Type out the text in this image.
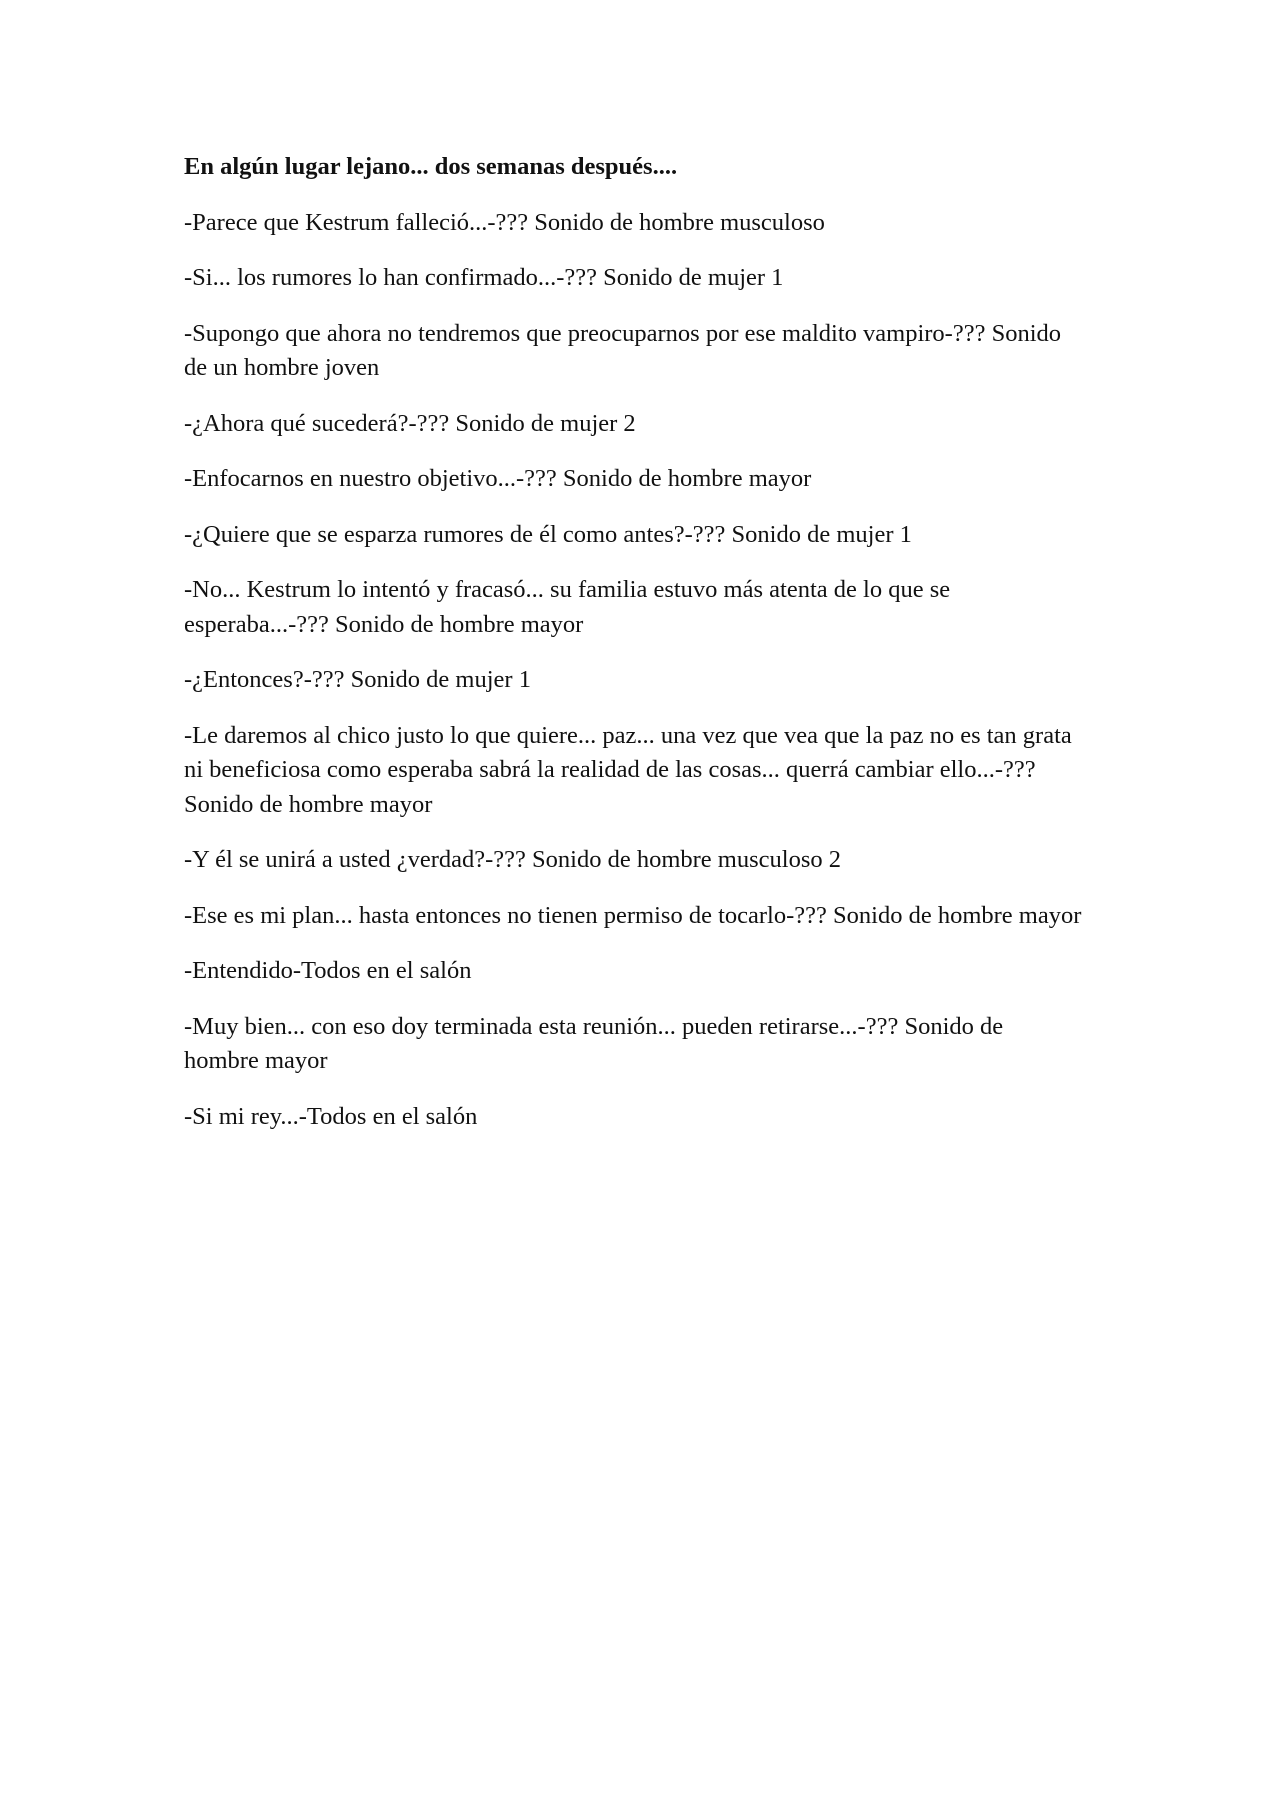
En algún lugar lejano... dos semanas después....

-Parece que Kestrum falleció...-??? Sonido de hombre musculoso

-Si... los rumores lo han confirmado...-??? Sonido de mujer 1

-Supongo que ahora no tendremos que preocuparnos por ese maldito vampiro-??? Sonido de un hombre joven

-¿Ahora qué sucederá?-??? Sonido de mujer 2

-Enfocarnos en nuestro objetivo...-??? Sonido de hombre mayor

-¿Quiere que se esparza rumores de él como antes?-??? Sonido de mujer 1

-No... Kestrum lo intentó y fracasó... su familia estuvo más atenta de lo que se esperaba...-??? Sonido de hombre mayor

-¿Entonces?-??? Sonido de mujer 1

-Le daremos al chico justo lo que quiere... paz... una vez que vea que la paz no es tan grata ni beneficiosa como esperaba sabrá la realidad de las cosas... querrá cambiar ello...-??? Sonido de hombre mayor

-Y él se unirá a usted ¿verdad?-??? Sonido de hombre musculoso 2

-Ese es mi plan... hasta entonces no tienen permiso de tocarlo-??? Sonido de hombre mayor

-Entendido-Todos en el salón

-Muy bien... con eso doy terminada esta reunión... pueden retirarse...-??? Sonido de hombre mayor

-Si mi rey...-Todos en el salón
